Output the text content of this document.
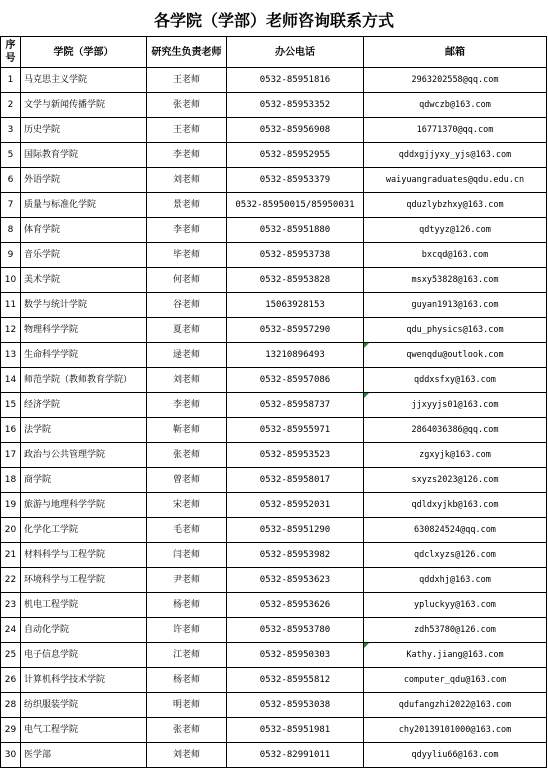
各学院（学部）老师咨询联系方式
序号	学院（学部）	研究生负责老师	办公电话	邮箱
1	马克思主义学院	王老师	0532-85951816	2963202558@qq.com
2	文学与新闻传播学院	张老师	0532-85953352	qdwczb@163.com
3	历史学院	王老师	0532-85956908	16771370@qq.com
5	国际教育学院	李老师	0532-85952955	qddxgjjyxy_yjs@163.com
6	外语学院	刘老师	0532-85953379	waiyuangraduates@qdu.edu.cn
7	质量与标准化学院	景老师	0532-85950015/85950031	qduzlybzhxy@163.com
8	体育学院	李老师	0532-85951880	qdtyyz@126.com
9	音乐学院	毕老师	0532-85953738	bxcqd@163.com
10	美术学院	何老师	0532-85953828	msxy53828@163.com
11	数学与统计学院	谷老师	15063928153	guyan1913@163.com
12	物理科学学院	夏老师	0532-85957290	qdu_physics@163.com
13	生命科学学院	逯老师	13210896493	qwenqdu@outlook.com
14	师范学院（教师教育学院）	刘老师	0532-85957086	qddxsfxy@163.com
15	经济学院	李老师	0532-85958737	jjxyyjs01@163.com
16	法学院	靳老师	0532-85955971	2864036386@qq.com
17	政治与公共管理学院	张老师	0532-85953523	zgxyjk@163.com
18	商学院	曾老师	0532-85958017	sxyzs2023@126.com
19	旅游与地理科学学院	宋老师	0532-85952031	qdldxyjkb@163.com
20	化学化工学院	毛老师	0532-85951290	630824524@qq.com
21	材料科学与工程学院	闫老师	0532-85953982	qdclxyzs@126.com
22	环境科学与工程学院	尹老师	0532-85953623	qddxhj@163.com
23	机电工程学院	杨老师	0532-85953626	ypluckyy@163.com
24	自动化学院	许老师	0532-85953780	zdh53780@126.com
25	电子信息学院	江老师	0532-85950303	Kathy.jiang@163.com
26	计算机科学技术学院	杨老师	0532-85955812	computer_qdu@163.com
28	纺织服装学院	明老师	0532-85953038	qdufangzhi2022@163.com
29	电气工程学院	张老师	0532-85951981	chy20139101000@163.com
30	医学部	刘老师	0532-82991011	qdyyliu66@163.com
